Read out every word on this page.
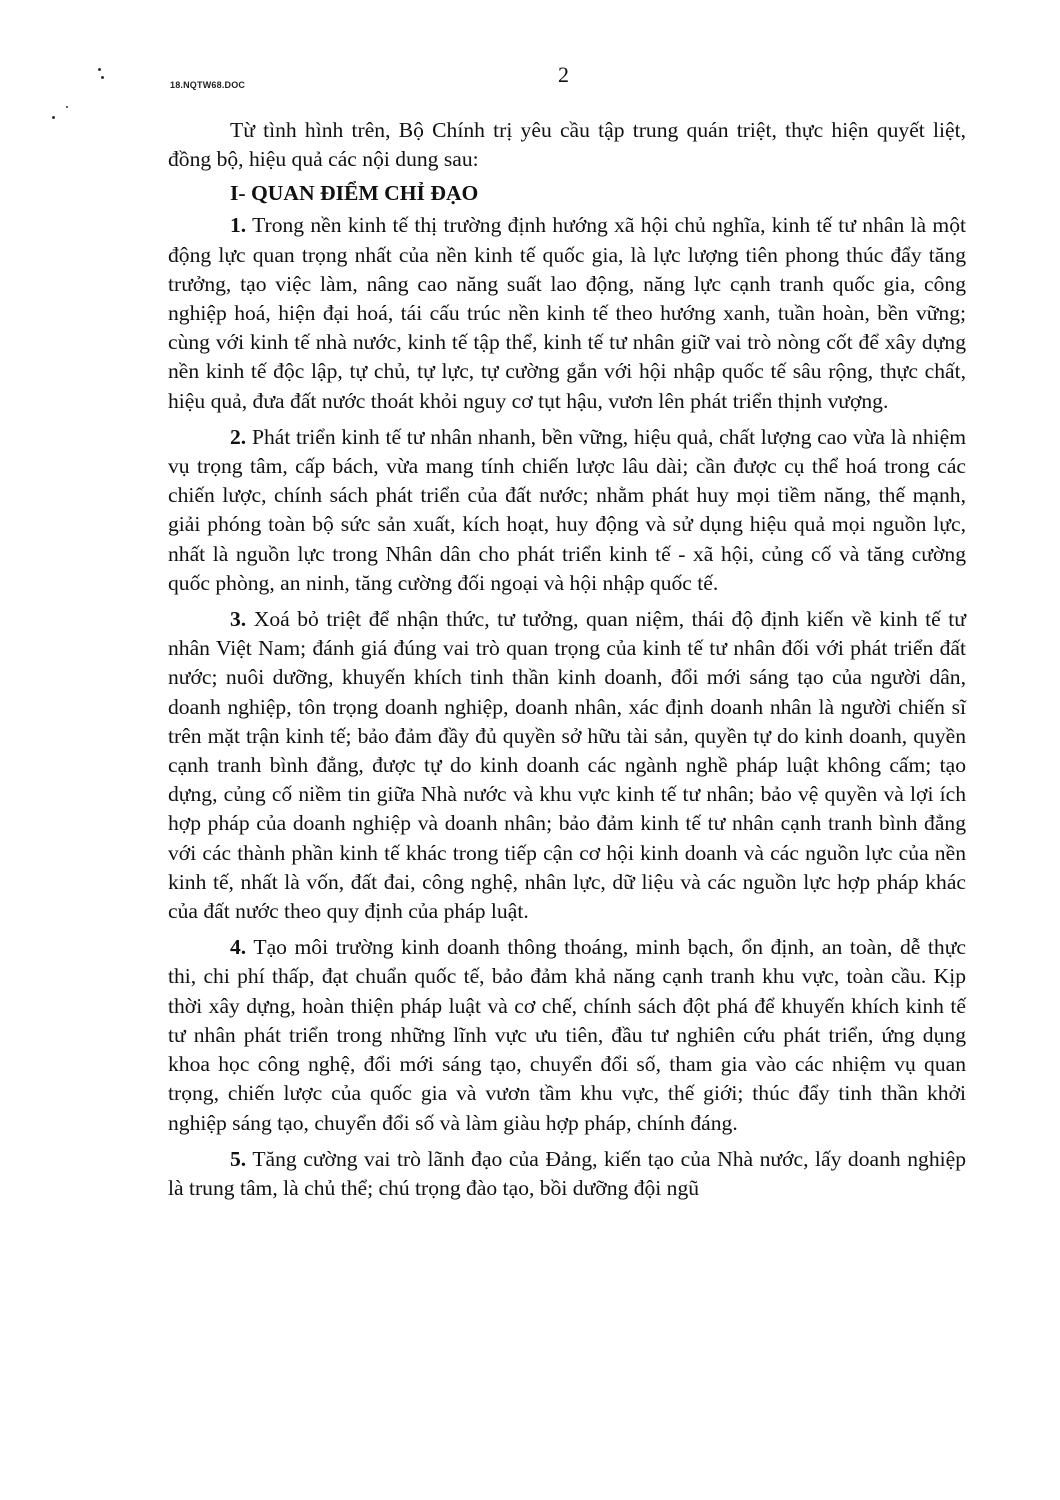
18.NQTW68.DOC	2

Từ tình hình trên, Bộ Chính trị yêu cầu tập trung quán triệt, thực hiện quyết liệt, đồng bộ, hiệu quả các nội dung sau:

I- QUAN ĐIỂM CHỈ ĐẠO

1. Trong nền kinh tế thị trường định hướng xã hội chủ nghĩa, kinh tế tư nhân là một động lực quan trọng nhất của nền kinh tế quốc gia, là lực lượng tiên phong thúc đẩy tăng trưởng, tạo việc làm, nâng cao năng suất lao động, năng lực cạnh tranh quốc gia, công nghiệp hoá, hiện đại hoá, tái cấu trúc nền kinh tế theo hướng xanh, tuần hoàn, bền vững; cùng với kinh tế nhà nước, kinh tế tập thể, kinh tế tư nhân giữ vai trò nòng cốt để xây dựng nền kinh tế độc lập, tự chủ, tự lực, tự cường gắn với hội nhập quốc tế sâu rộng, thực chất, hiệu quả, đưa đất nước thoát khỏi nguy cơ tụt hậu, vươn lên phát triển thịnh vượng.

2. Phát triển kinh tế tư nhân nhanh, bền vững, hiệu quả, chất lượng cao vừa là nhiệm vụ trọng tâm, cấp bách, vừa mang tính chiến lược lâu dài; cần được cụ thể hoá trong các chiến lược, chính sách phát triển của đất nước; nhằm phát huy mọi tiềm năng, thế mạnh, giải phóng toàn bộ sức sản xuất, kích hoạt, huy động và sử dụng hiệu quả mọi nguồn lực, nhất là nguồn lực trong Nhân dân cho phát triển kinh tế - xã hội, củng cố và tăng cường quốc phòng, an ninh, tăng cường đối ngoại và hội nhập quốc tế.

3. Xoá bỏ triệt để nhận thức, tư tưởng, quan niệm, thái độ định kiến về kinh tế tư nhân Việt Nam; đánh giá đúng vai trò quan trọng của kinh tế tư nhân đối với phát triển đất nước; nuôi dưỡng, khuyến khích tinh thần kinh doanh, đổi mới sáng tạo của người dân, doanh nghiệp, tôn trọng doanh nghiệp, doanh nhân, xác định doanh nhân là người chiến sĩ trên mặt trận kinh tế; bảo đảm đầy đủ quyền sở hữu tài sản, quyền tự do kinh doanh, quyền cạnh tranh bình đẳng, được tự do kinh doanh các ngành nghề pháp luật không cấm; tạo dựng, củng cố niềm tin giữa Nhà nước và khu vực kinh tế tư nhân; bảo vệ quyền và lợi ích hợp pháp của doanh nghiệp và doanh nhân; bảo đảm kinh tế tư nhân cạnh tranh bình đẳng với các thành phần kinh tế khác trong tiếp cận cơ hội kinh doanh và các nguồn lực của nền kinh tế, nhất là vốn, đất đai, công nghệ, nhân lực, dữ liệu và các nguồn lực hợp pháp khác của đất nước theo quy định của pháp luật.

4. Tạo môi trường kinh doanh thông thoáng, minh bạch, ổn định, an toàn, dễ thực thi, chi phí thấp, đạt chuẩn quốc tế, bảo đảm khả năng cạnh tranh khu vực, toàn cầu. Kịp thời xây dựng, hoàn thiện pháp luật và cơ chế, chính sách đột phá để khuyến khích kinh tế tư nhân phát triển trong những lĩnh vực ưu tiên, đầu tư nghiên cứu phát triển, ứng dụng khoa học công nghệ, đổi mới sáng tạo, chuyển đổi số, tham gia vào các nhiệm vụ quan trọng, chiến lược của quốc gia và vươn tầm khu vực, thế giới; thúc đẩy tinh thần khởi nghiệp sáng tạo, chuyển đổi số và làm giàu hợp pháp, chính đáng.

5. Tăng cường vai trò lãnh đạo của Đảng, kiến tạo của Nhà nước, lấy doanh nghiệp là trung tâm, là chủ thể; chú trọng đào tạo, bồi dưỡng đội ngũ
